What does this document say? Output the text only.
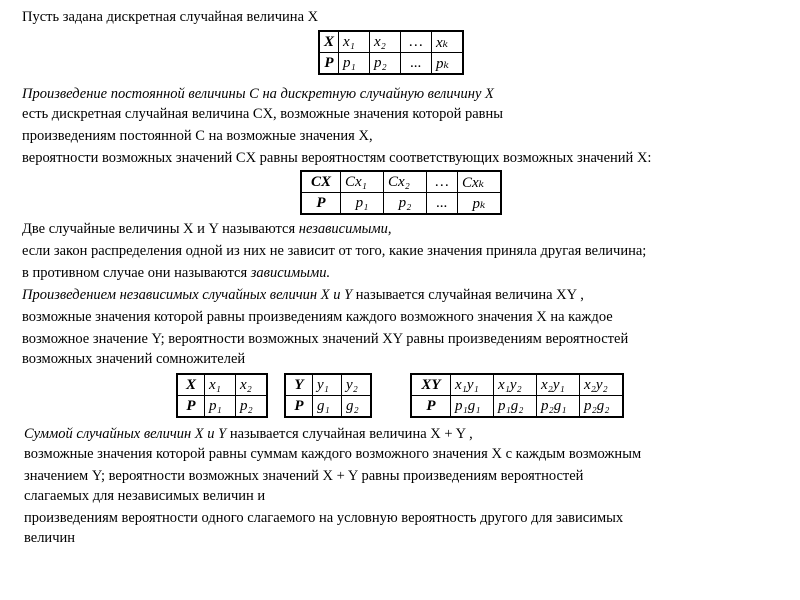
Пусть задана дискретная случайная величина X
X	x₁	x₂	…	xₖ
P	p₁	p₂	...	pₖ
Произведение постоянной величины C на дискретную случайную величину X
есть дискретная случайная величина CX, возможные значения которой равны
произведениям постоянной C на возможные значения X,
вероятности возможных значений CX равны вероятностям соответствующих возможных значений X:
CX	Cx₁	Cx₂	…	Cxₖ
P	p₁	p₂	...	pₖ
Две случайные величины X и Y называются независимыми,
если закон распределения одной из них не зависит от того, какие значения приняла другая величина;
в противном случае они называются зависимыми.
Произведением независимых случайных величин X и Y называется случайная величина XY ,
возможные значения которой равны произведениям каждого возможного значения X на каждое
возможное значение Y; вероятности возможных значений XY равны произведениям вероятностей
возможных значений сомножителей
X	x₁	x₂
P	p₁	p₂
Y	y₁	y₂
P	g₁	g₂
XY	x₁y₁	x₁y₂	x₂y₁	x₂y₂
P	p₁g₁	p₁g₂	p₂g₁	p₂g₂
Суммой случайных величин X и Y называется случайная величина X + Y ,
возможные значения которой равны суммам каждого возможного значения X с каждым возможным
значением Y; вероятности возможных значений X + Y равны произведениям вероятностей
слагаемых для независимых величин и
произведениям вероятности одного слагаемого на условную вероятность другого для зависимых
величин
